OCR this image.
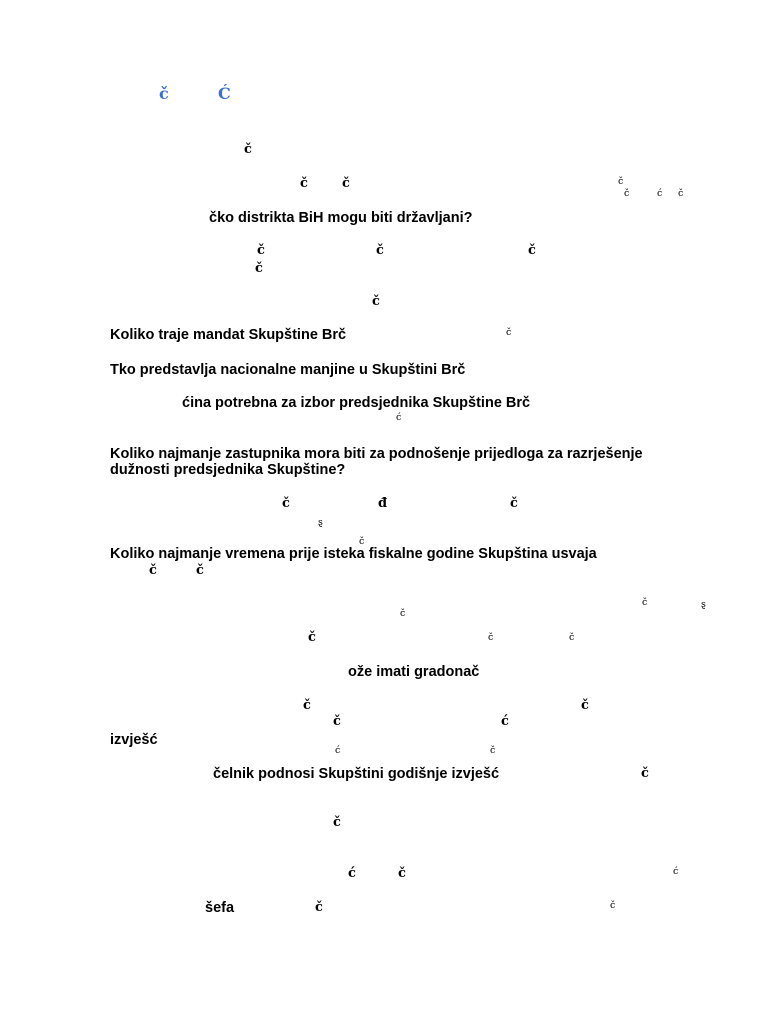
č	Ć
č
č	č	č
č	ć č
čko distrikta BiH mogu biti državljani?
č	č	č
č
č
Koliko traje mandat Skupštine Brč	č
Tko predstavlja nacionalne manjine u Skupštini Brč
ćina potrebna za izbor predsjednika Skupštine Brč
ć
Koliko najmanje zastupnika mora biti za podnošenje prijedloga za razrješenje
dužnosti predsjednika Skupštine?
č	đ	č
ȿ
č
Koliko najmanje vremena prije isteka fiskalne godine Skupština usvaja
č	č
č	ȿ
č
č	č	č
ože imati gradonač
č	č
č	ć
izvješć
ć	č
čelnik podnosi Skupštini godišnje izvješć	č
č
ć	č	ć
šefa	č	č
